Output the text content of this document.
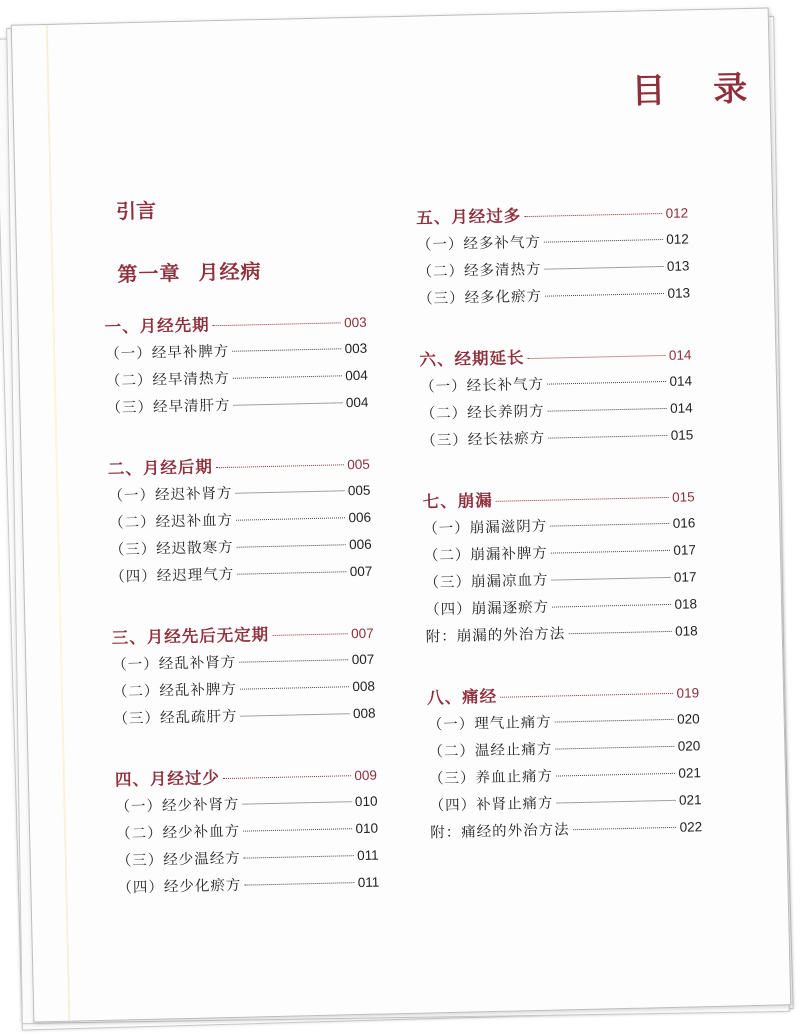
目 录
引言
第一章 月经病
一、月经先期	003
（一）经早补脾方	003
（二）经早清热方	004
（三）经早清肝方	004
二、月经后期	005
（一）经迟补肾方	005
（二）经迟补血方	006
（三）经迟散寒方	006
（四）经迟理气方	007
三、月经先后无定期	007
（一）经乱补肾方	007
（二）经乱补脾方	008
（三）经乱疏肝方	008
四、月经过少	009
（一）经少补肾方	010
（二）经少补血方	010
（三）经少温经方	011
（四）经少化瘀方	011
五、月经过多	012
（一）经多补气方	012
（二）经多清热方	013
（三）经多化瘀方	013
六、经期延长	014
（一）经长补气方	014
（二）经长养阴方	014
（三）经长祛瘀方	015
七、崩漏	015
（一）崩漏滋阴方	016
（二）崩漏补脾方	017
（三）崩漏凉血方	017
（四）崩漏逐瘀方	018
附：崩漏的外治方法	018
八、痛经	019
（一）理气止痛方	020
（二）温经止痛方	020
（三）养血止痛方	021
（四）补肾止痛方	021
附：痛经的外治方法	022
